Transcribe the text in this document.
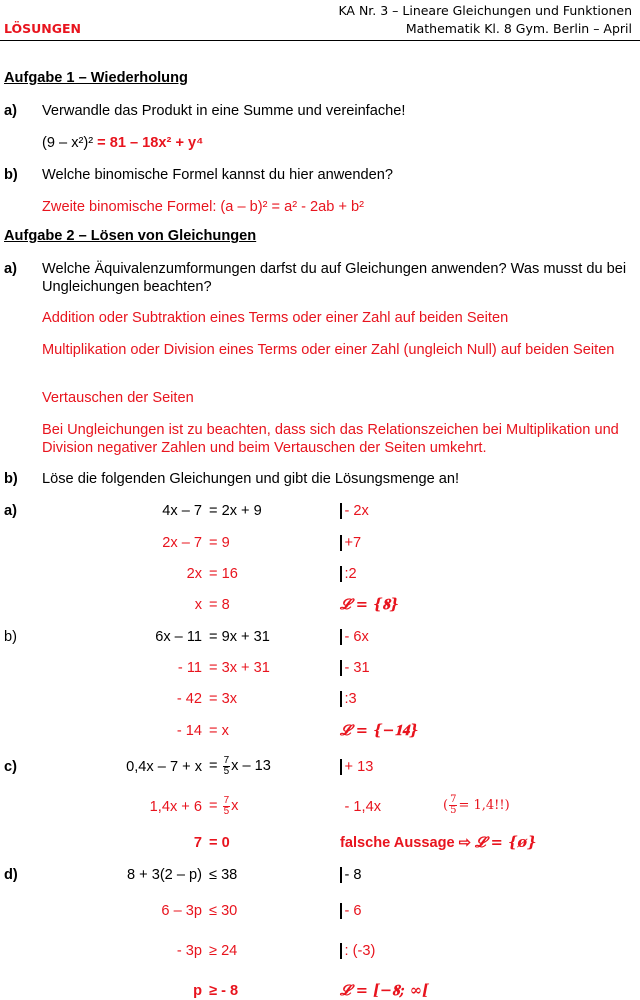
KA Nr. 3 – Lineare Gleichungen und Funktionen
LÖSUNGEN	Mathematik Kl. 8 Gym. Berlin – April
Aufgabe 1 – Wiederholung
a) Verwandle das Produkt in eine Summe und vereinfache!
(9 – x²)² = 81 – 18x² + y⁴
b) Welche binomische Formel kannst du hier anwenden?
Zweite binomische Formel: (a – b)² = a² - 2ab + b²
Aufgabe 2 – Lösen von Gleichungen
a) Welche Äquivalenzumformungen darfst du auf Gleichungen anwenden? Was musst du bei Ungleichungen beachten?
Addition oder Subtraktion eines Terms oder einer Zahl auf beiden Seiten
Multiplikation oder Division eines Terms oder einer Zahl (ungleich Null) auf beiden Seiten
Vertauschen der Seiten
Bei Ungleichungen ist zu beachten, dass sich das Relationszeichen bei Multiplikation und Division negativer Zahlen und beim Vertauschen der Seiten umkehrt.
b) Löse die folgenden Gleichungen und gibt die Lösungsmenge an!
a)	4x – 7 = 2x + 9	- 2x
2x – 7 = 9	+7
2x = 16	:2
x = 8	𝓛 = {𝟖}
b)	6x – 11 = 9x + 31	- 6x
- 11 = 3x + 31	- 31
- 42 = 3x	:3
- 14 = x	𝓛 = {−𝟏𝟒}
c)	$0,4x - 7 + x = \frac{7}{5}$ x – 13	+ 13
$1,4x + 6 = \frac{7}{5}$ x	- 1,4x	( $\frac{7}{5} = 1,4$!!)
7 = 0	falsche Aussage ⇨ 𝓛 = {ø}
d)	8 + 3(2 – p) ≤ 38	- 8
6 – 3p ≤ 30	- 6
- 3p ≥ 24	: (-3)
p ≥ - 8	𝓛 = [−𝟖; ∞[
